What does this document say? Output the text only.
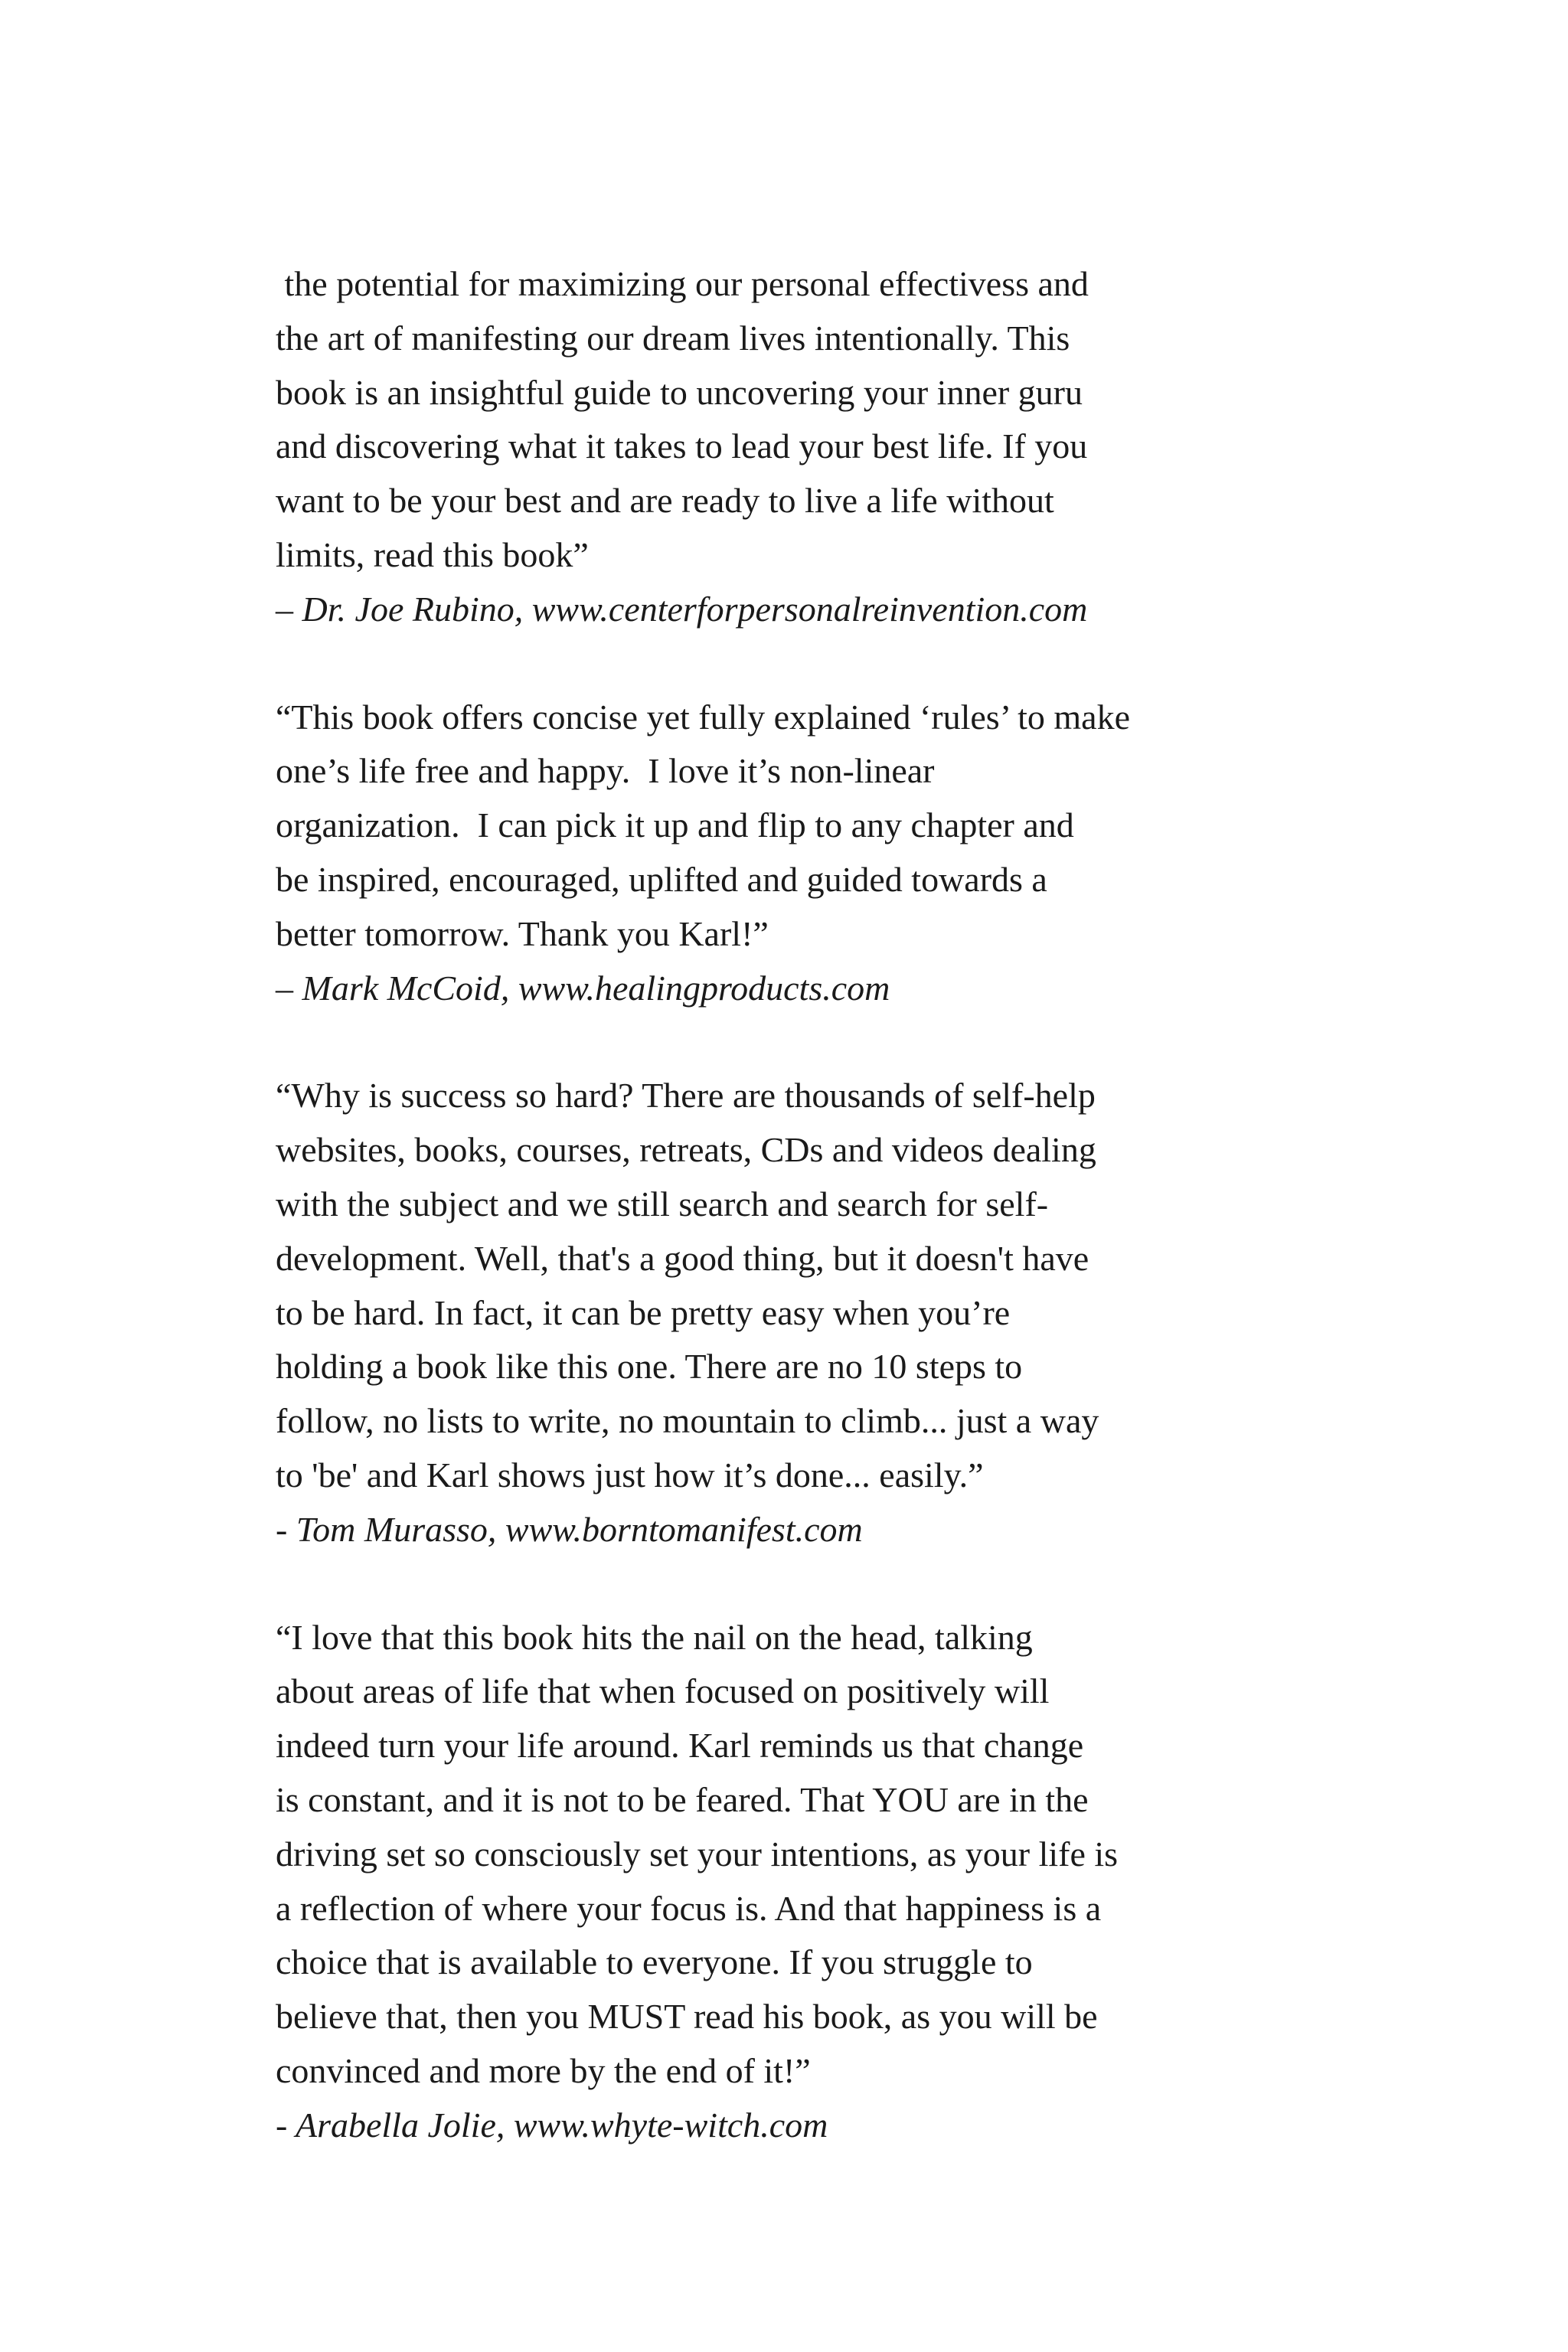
the potential for maximizing our personal effectivess and
the art of manifesting our dream lives intentionally. This
book is an insightful guide to uncovering your inner guru
and discovering what it takes to lead your best life. If you
want to be your best and are ready to live a life without
limits, read this book”
– Dr. Joe Rubino, www.centerforpersonalreinvention.com
“This book offers concise yet fully explained ‘rules’ to make
one’s life free and happy.  I love it’s non-linear
organization.  I can pick it up and flip to any chapter and
be inspired, encouraged, uplifted and guided towards a
better tomorrow. Thank you Karl!”
– Mark McCoid, www.healingproducts.com
“Why is success so hard? There are thousands of self-help
websites, books, courses, retreats, CDs and videos dealing
with the subject and we still search and search for self-
development. Well, that's a good thing, but it doesn't have
to be hard. In fact, it can be pretty easy when you’re
holding a book like this one. There are no 10 steps to
follow, no lists to write, no mountain to climb... just a way
to 'be' and Karl shows just how it’s done... easily.”
- Tom Murasso, www.borntomanifest.com
“I love that this book hits the nail on the head, talking
about areas of life that when focused on positively will
indeed turn your life around. Karl reminds us that change
is constant, and it is not to be feared. That YOU are in the
driving set so consciously set your intentions, as your life is
a reflection of where your focus is. And that happiness is a
choice that is available to everyone. If you struggle to
believe that, then you MUST read his book, as you will be
convinced and more by the end of it!”
- Arabella Jolie, www.whyte-witch.com
